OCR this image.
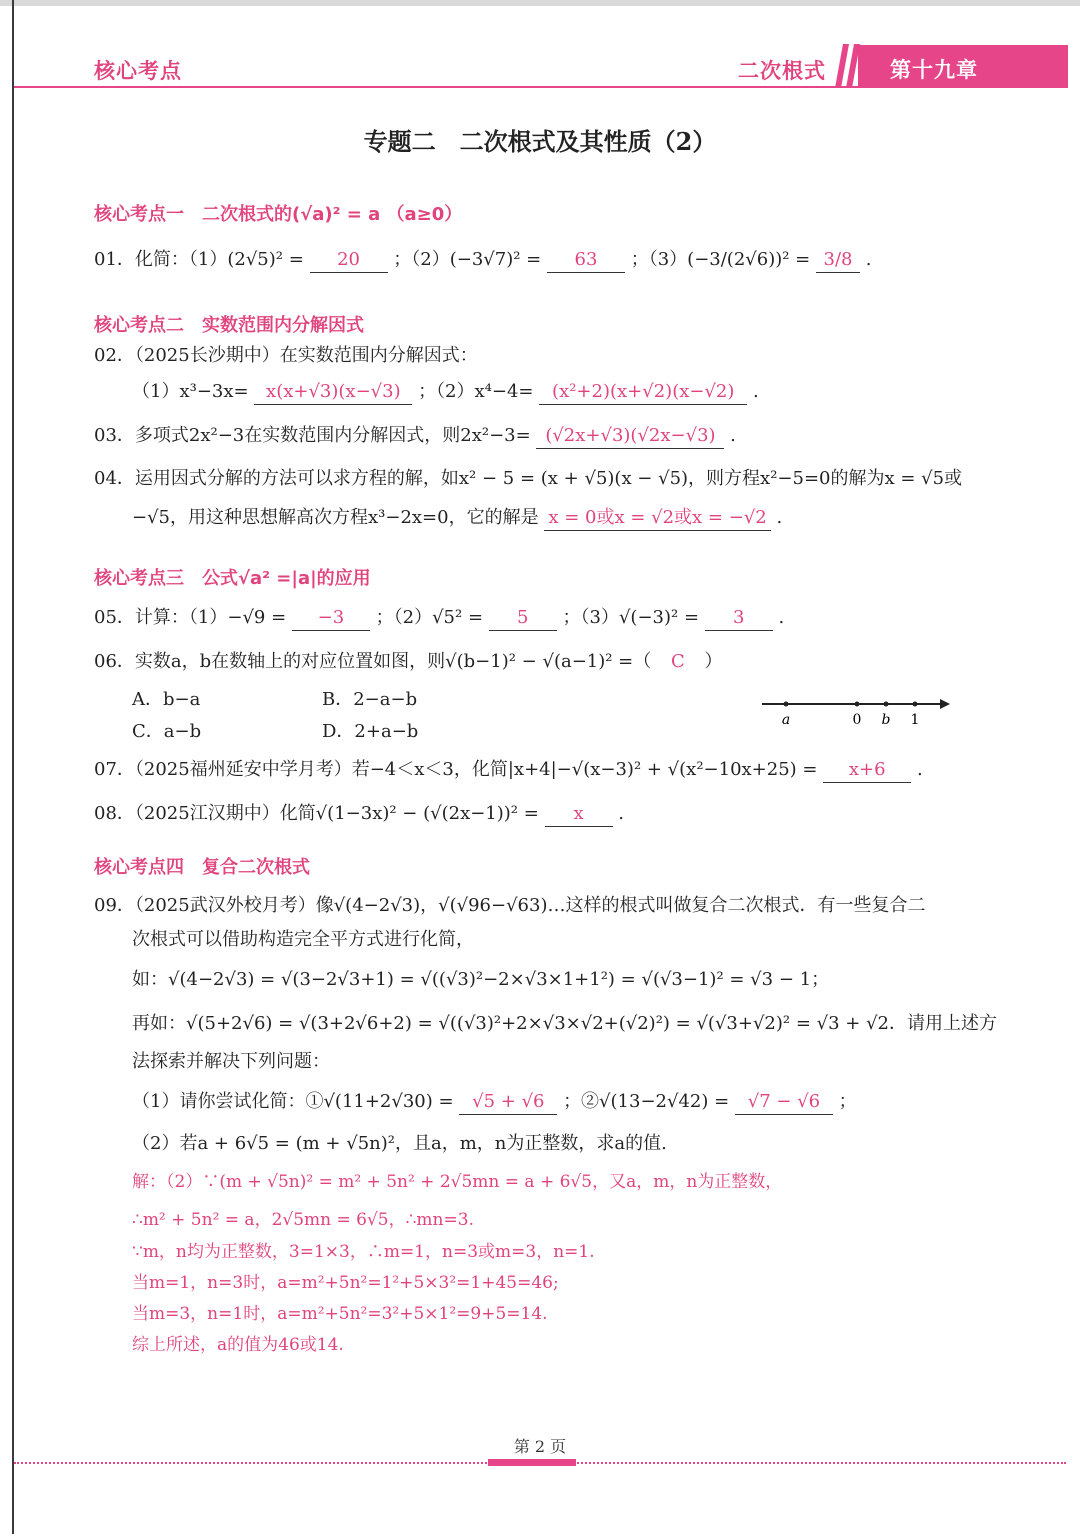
核心考点	二次根式	第十九章
专题二　二次根式及其性质（2）
核心考点一 二次根式的(√a)² = a （a≥0）
01．化简：（1）(2√5)² = 20 ；（2）(−3√7)² = 63 ；（3）(−3/(2√6))² = 3/8 .
核心考点二 实数范围内分解因式
02．（2025长沙期中）在实数范围内分解因式：
（1）x³−3x= x(x+√3)(x−√3) ；（2）x⁴−4= (x²+2)(x+√2)(x−√2) .
03．多项式2x²−3在实数范围内分解因式，则2x²−3= (√2x+√3)(√2x−√3) .
04．运用因式分解的方法可以求方程的解，如x² − 5 = (x + √5)(x − √5)，则方程x²−5=0的解为x = √5或
−√5，用这种思想解高次方程x³−2x=0，它的解是 x = 0或x = √2或x = −√2 .
核心考点三 公式√a² =|a|的应用
05．计算：（1）−√9 = −3 ；（2）√5² = 5 ；（3）√(−3)² = 3 .
06．实数a，b在数轴上的对应位置如图，则√(b−1)² − √(a−1)² =（ C ）
A．b−a	B．2−a−b
C．a−b	D．2+a−b
a	0 b 1
07．（2025福州延安中学月考）若−4＜x＜3，化简|x+4|−√(x−3)² + √(x²−10x+25) = x+6 .
08．（2025江汉期中）化简√(1−3x)² − (√(2x−1))² = x .
核心考点四 复合二次根式
09．（2025武汉外校月考）像√(4−2√3)，√(√96−√63)…这样的根式叫做复合二次根式．有一些复合二
次根式可以借助构造完全平方式进行化简，
如：√(4−2√3) = √(3−2√3+1) = √((√3)²−2×√3×1+1²) = √(√3−1)² = √3 − 1；
再如：√(5+2√6) = √(3+2√6+2) = √((√3)²+2×√3×√2+(√2)²) = √(√3+√2)² = √3 + √2．请用上述方
法探索并解决下列问题：
（1）请你尝试化简：①√(11+2√30) = √5 + √6 ；②√(13−2√42) = √7 − √6 ；
（2）若a + 6√5 = (m + √5n)²，且a，m，n为正整数，求a的值.
解：（2）∵(m + √5n)² = m² + 5n² + 2√5mn = a + 6√5，又a，m，n为正整数，
∴m² + 5n² = a，2√5mn = 6√5，∴mn=3.
∵m，n均为正整数，3=1×3，∴m=1，n=3或m=3，n=1.
当m=1，n=3时，a=m²+5n²=1²+5×3²=1+45=46;
当m=3，n=1时，a=m²+5n²=3²+5×1²=9+5=14.
综上所述，a的值为46或14.
第 2 页
